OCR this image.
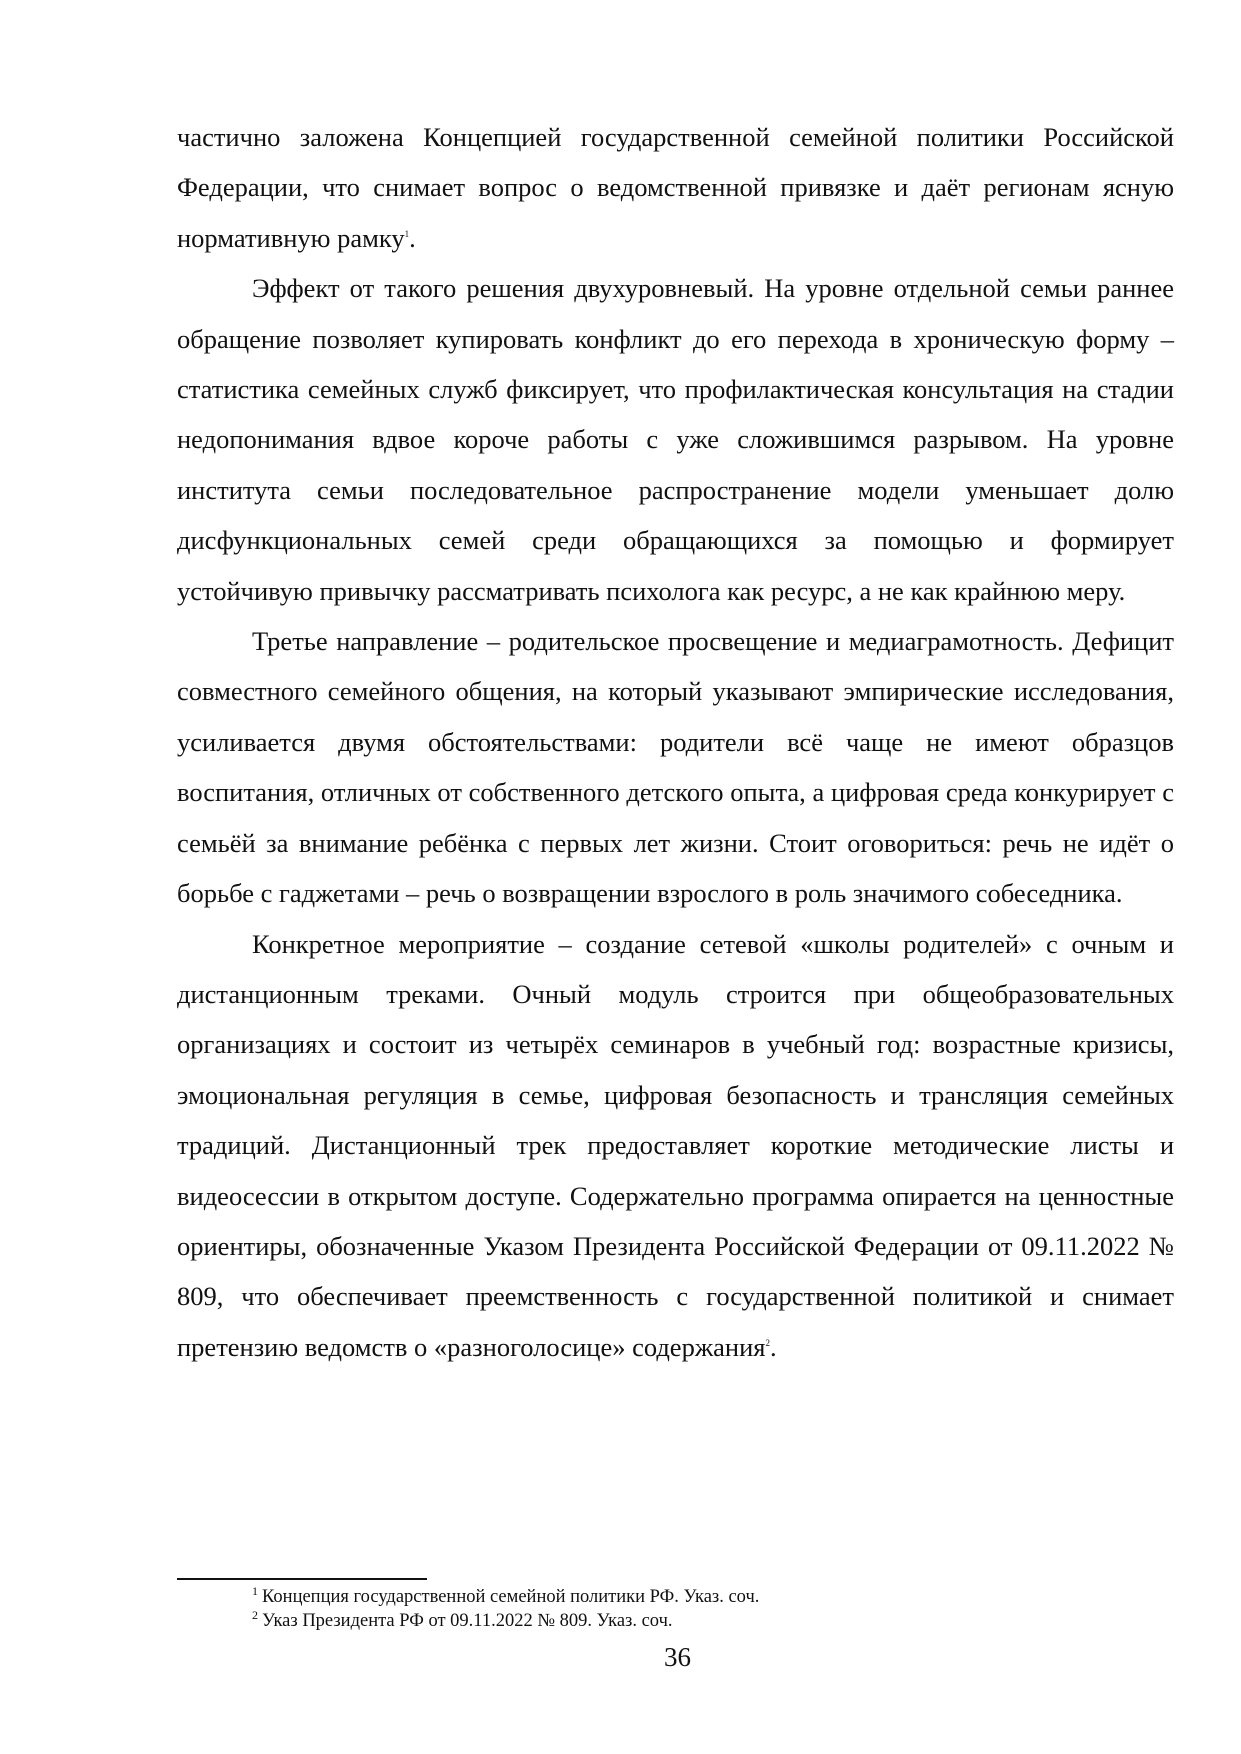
частично заложена Концепцией государственной семейной политики Российской Федерации, что снимает вопрос о ведомственной привязке и даёт регионам ясную нормативную рамку$^1$.

Эффект от такого решения двухуровневый. На уровне отдельной семьи раннее обращение позволяет купировать конфликт до его перехода в хроническую форму – статистика семейных служб фиксирует, что профилактическая консультация на стадии недопонимания вдвое короче работы с уже сложившимся разрывом. На уровне института семьи последовательное распространение модели уменьшает долю дисфункциональных семей среди обращающихся за помощью и формирует устойчивую привычку рассматривать психолога как ресурс, а не как крайнюю меру.

Третье направление – родительское просвещение и медиаграмотность. Дефицит совместного семейного общения, на который указывают эмпирические исследования, усиливается двумя обстоятельствами: родители всё чаще не имеют образцов воспитания, отличных от собственного детского опыта, а цифровая среда конкурирует с семьёй за внимание ребёнка с первых лет жизни. Стоит оговориться: речь не идёт о борьбе с гаджетами – речь о возвращении взрослого в роль значимого собеседника.

Конкретное мероприятие – создание сетевой «школы родителей» с очным и дистанционным треками. Очный модуль строится при общеобразовательных организациях и состоит из четырёх семинаров в учебный год: возрастные кризисы, эмоциональная регуляция в семье, цифровая безопасность и трансляция семейных традиций. Дистанционный трек предоставляет короткие методические листы и видеосессии в открытом доступе. Содержательно программа опирается на ценностные ориентиры, обозначенные Указом Президента Российской Федерации от 09.11.2022 № 809, что обеспечивает преемственность с государственной политикой и снимает претензию ведомств о «разноголосице» содержания$^2$.

$^1$ Концепция государственной семейной политики РФ. Указ. соч.

$^2$ Указ Президента РФ от 09.11.2022 № 809. Указ. соч.

36
